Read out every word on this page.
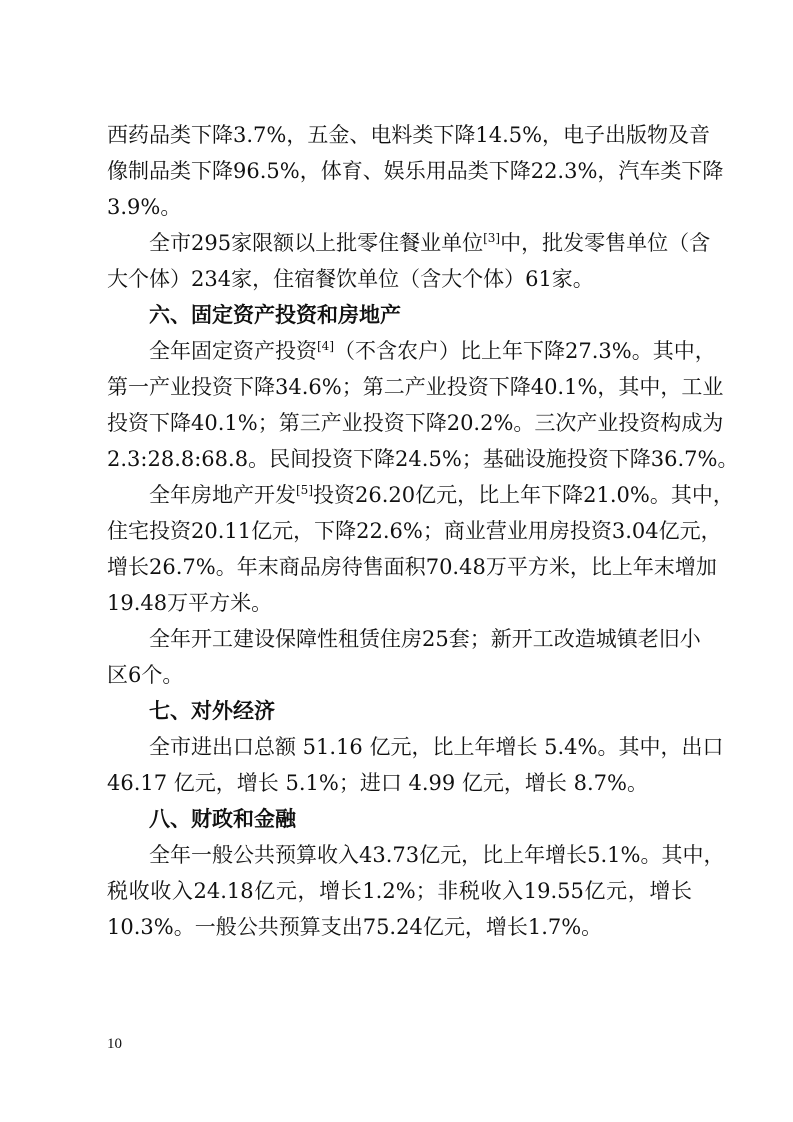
西药品类下降3.7%，五金、电料类下降14.5%，电子出版物及音
像制品类下降96.5%，体育、娱乐用品类下降22.3%，汽车类下降
3.9%。
全市295家限额以上批零住餐业单位[3]中，批发零售单位（含
大个体）234家，住宿餐饮单位（含大个体）61家。
六、固定资产投资和房地产
全年固定资产投资[4]（不含农户）比上年下降27.3%。其中，
第一产业投资下降34.6%；第二产业投资下降40.1%，其中，工业
投资下降40.1%；第三产业投资下降20.2%。三次产业投资构成为
2.3:28.8:68.8。民间投资下降24.5%；基础设施投资下降36.7%。
全年房地产开发[5]投资26.20亿元，比上年下降21.0%。其中，
住宅投资20.11亿元，下降22.6%；商业营业用房投资3.04亿元，
增长26.7%。年末商品房待售面积70.48万平方米，比上年末增加
19.48万平方米。
全年开工建设保障性租赁住房25套；新开工改造城镇老旧小
区6个。
七、对外经济
全市进出口总额 51.16 亿元，比上年增长 5.4%。其中，出口
46.17 亿元，增长 5.1%；进口 4.99 亿元，增长 8.7%。
八、财政和金融
全年一般公共预算收入43.73亿元，比上年增长5.1%。其中，
税收收入24.18亿元，增长1.2%；非税收入19.55亿元，增长
10.3%。一般公共预算支出75.24亿元，增长1.7%。
10
